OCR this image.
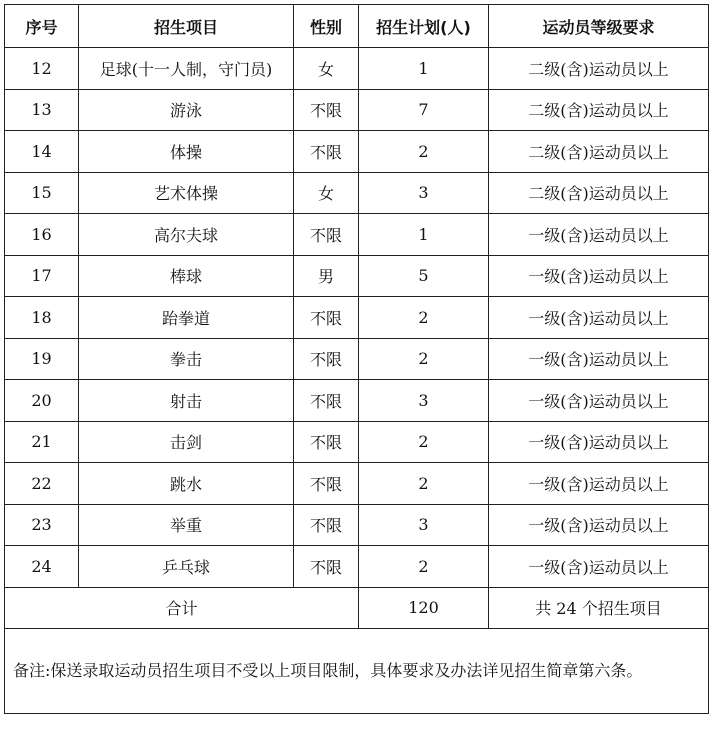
序号	招生项目	性别	招生计划(人)	运动员等级要求
12	足球(十一人制，守门员)	女	1	二级(含)运动员以上
13	游泳	不限	7	二级(含)运动员以上
14	体操	不限	2	二级(含)运动员以上
15	艺术体操	女	3	二级(含)运动员以上
16	高尔夫球	不限	1	一级(含)运动员以上
17	棒球	男	5	一级(含)运动员以上
18	跆拳道	不限	2	一级(含)运动员以上
19	拳击	不限	2	一级(含)运动员以上
20	射击	不限	3	一级(含)运动员以上
21	击剑	不限	2	一级(含)运动员以上
22	跳水	不限	2	一级(含)运动员以上
23	举重	不限	3	一级(含)运动员以上
24	乒乓球	不限	2	一级(含)运动员以上
合计			120	共 24 个招生项目
备注:保送录取运动员招生项目不受以上项目限制，具体要求及办法详见招生简章第六条。				
